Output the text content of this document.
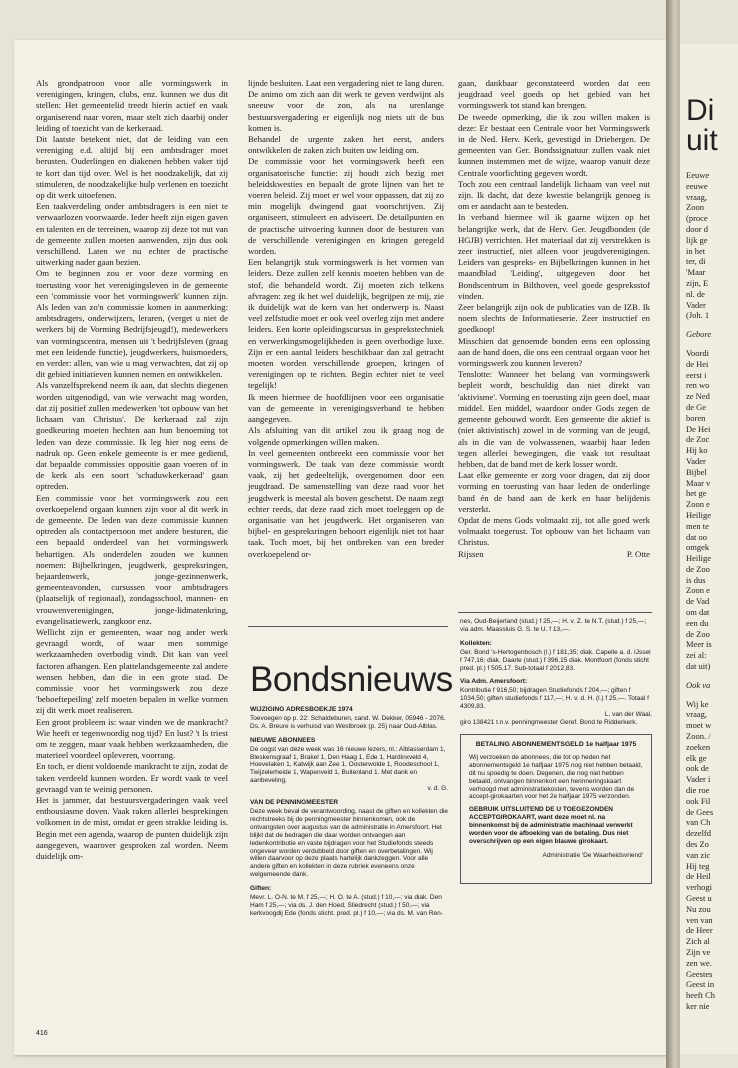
Als grondpatroon voor alle vormingswerk in verenigingen, kringen, clubs, enz. kunnen we dus dit stellen: Het gemeentelid treedt hierin actief en vaak organiserend naar voren, maar stelt zich daarbij onder leiding of toezicht van de kerkeraad.

Dit laatste betekent niet, dat de leiding van een vereniging e.d. altijd bij een ambtsdrager moet berusten. Ouderlingen en diakenen hebben vaker tijd te kort dan tijd over. Wel is het noodzakelijk, dat zij stimuleren, de noodzakelijke hulp verlenen en toezicht op dit werk uitoefenen.

Een taakverdeling onder ambtsdragers is een niet te verwaarlozen voorwaarde. Ieder heeft zijn eigen gaven en talenten en de terreinen, waarop zij deze tot nut van de gemeente zullen moeten aanwenden, zijn dus ook verschillend. Laten we nu echter de practische uitwerking nader gaan bezien.

Om te beginnen zou er voor deze vorming en toerusting voor het verenigingsleven in de gemeente een 'commissie voor het vormingswerk' kunnen zijn. Als leden van zo'n commissie komen in aanmerking: ambtsdragers, onderwijzers, leraren, (verget u niet de werkers bij de Vorming Bedrijfsjeugd!), medewerkers van vormingscentra, mensen uit 't bedrijfsleven (graag met een leidende functie), jeugdwerkers, huismoeders, en verder: allen, van wie u mag verwachten, dat zij op dit gebied initiatieven kunnen nemen en ontwikkelen.

Als vanzelfsprekend neem ik aan, dat slechts diegenen worden uitgenodigd, van wie verwacht mag worden, dat zij positief zullen medewerken 'tot opbouw van het lichaam van Christus'. De kerkeraad zal zijn goedkeuring moeten hechten aan hun benoeming tot leden van deze commissie. Ik leg hier nog eens de nadruk op. Geen enkele gemeente is er mee gediend, dat bepaalde commissies oppositie gaan voeren of in de kerk als een soort 'schaduwkerkeraad' gaan optreden.

Een commissie voor het vormingswerk zou een overkoepelend orgaan kunnen zijn voor al dit werk in de gemeente. De leden van deze commissie kunnen optreden als contactpersoon met andere besturen, die een bepaald onderdeel van het vormingswerk behartigen. Als onderdelen zouden we kunnen noemen: Bijbelkringen, jeugdwerk, gespreksringen, bejaardenwerk, jonge-gezinnenwerk, gemeenteavonden, cursussen voor ambtsdragers (plaatselijk of regionaal), zondagsschool, mannen- en vrouwenverenigingen, jonge-lidmatenkring, evangelisatiewerk, zangkoor enz.

Wellicht zijn er gemeenten, waar nog ander werk gevraagd wordt, of waar men sommige werkzaamheden overbodig vindt. Dit kan van veel factoren afhangen. Een plattelandsgemeente zal andere wensen hebben, dan die in een grote stad. De commissie voor het vormingswerk zou deze 'behoeftepeiling' zelf moeten bepalen in welke vormen zij dit werk moet realiseren.

Een groot probleem is: waar vinden we de mankracht? Wie heeft er tegenwoordig nog tijd? En lust? 't Is triest om te zeggen, maar vaak hebben werkzaamheden, die materieel voordeel opleveren, voorrang.

En toch, er dient voldoende mankracht te zijn, zodat de taken verdeeld kunnen worden. Er wordt vaak te veel gevraagd van te weinig personen.

Het is jammer, dat bestuursvergaderingen vaak veel enthousiasme doven. Vaak raken allerlei besprekingen volkomen in de mist, omdat er geen strakke leiding is. Begin met een agenda, waarop de punten duidelijk zijn aangegeven, waarover gesproken zal worden. Neem duidelijk om-

lijnde besluiten. Laat een vergadering niet te lang duren. De animo om zich aan dit werk te geven verdwijnt als sneeuw voor de zon, als na urenlange bestuursvergadering er eigenlijk nog niets uit de bus komen is.

Behandel de urgente zaken het eerst, anders ontwikkelen de zaken zich buiten uw leiding om.

De commissie voor het vormingswerk heeft een organisatorische functie: zij houdt zich bezig met beleidskwesties en bepaalt de grote lijnen van het te voeren beleid. Zij moet er wel voor oppassen, dat zij zo min mogelijk dwingend gaat voorschrijven. Zij organiseert, stimuleert en adviseert. De detailpunten en de practische uitvoering kunnen door de besturen van de verschillende verenigingen en kringen geregeld worden.

Een belangrijk stuk vormingswerk is het vormen van leiders. Deze zullen zelf kennis moeten hebben van de stof, die behandeld wordt. Zij moeten zich telkens afvragen: zeg ik het wel duidelijk, begrijpen ze mij, zie ik duidelijk wat de kern van het onderwerp is. Naast veel zelfstudie moet er ook veel overleg zijn met andere leiders. Een korte opleidingscursus in gesprekstechniek en verwerkingsmogelijkheden is geen overbodige luxe. Zijn er een aantal leiders beschikbaar dan zal getracht moeten worden verschillende groepen, kringen of verenigingen op te richten. Begin echter niet te veel tegelijk!

Ik meen hiermee de hoofdlijnen voor een organisatie van de gemeente in verenigingsverband te hebben aangegeven.

Als afsluiting van dit artikel zou ik graag nog de volgende opmerkingen willen maken.

In veel gemeenten ontbreekt een commissie voor het vormingswerk. De taak van deze commissie wordt vaak, zij het gedeeltelijk, overgenomen door een jeugdraad. De samenstelling van deze raad voor het jeugdwerk is meestal als boven geschetst. De naam zegt echter reeds, dat deze raad zich moet toeleggen op de organisatie van het jeugdwerk. Het organiseren van bijbel- en gespreksringen behoort eigenlijk niet tot haar taak. Toch moet, bij het ontbreken van een breder overkoepelend or-

gaan, dankbaar geconstateerd worden dat een jeugdraad veel goeds op het gebied van het vormingswerk tot stand kan brengen.

De tweede opmerking, die ik zou willen maken is deze: Er bestaat een Centrale voor het Vormingswerk in de Ned. Herv. Kerk, gevestigd in Driebergen. De gemeenten van Ger. Bondssignatuur zullen vaak niet kunnen instemmen met de wijze, waarop vanuit deze Centrale voorlichting gegeven wordt.

Toch zou een centraal landelijk lichaam van veel nut zijn. Ik dacht, dat deze kwestie belangrijk genoeg is om er aandacht aan te besteden.

In verband hiermee wil ik gaarne wijzen op het belangrijke werk, dat de Herv. Ger. Jeugdbonden (de HGJB) verrichten. Het materiaal dat zij verstrekken is zeer instructief, niet alleen voor jeugdverenigingen. Leiders van gespreks- en Bijbelkringen kunnen in het maandblad 'Leiding', uitgegeven door het Bondscentrum in Bilthoven, veel goede gespreksstof vinden.

Zeer belangrijk zijn ook de publicaties van de IZB. Ik noem slechts de Informatieserie. Zeer instructief en goedkoop!

Misschien dat genoemde bonden eens een oplossing aan de hand doen, die ons een centraal orgaan voor het vormingswerk zou kunnen leveren?

Tenslotte: Wanneer het belang van vormingswerk bepleit wordt, beschuldig dan niet direkt van 'aktivisme'. Vorming en toerusting zijn geen doel, maar middel. Een middel, waardoor onder Gods zegen de gemeente gebouwd wordt. Een gemeente die aktief is (niet aktivistisch) zowel in de vorming van de jeugd, als in die van de volwassenen, waarbij haar leden tegen allerlei bewegingen, die vaak tot resultaat hebben, dat de band met de kerk losser wordt.

Laat elke gemeente er zorg voor dragen, dat zij door vorming en toerusting van haar leden de onderlinge band én de band aan de kerk en haar belijdenis versterkt.

Opdat de mens Gods volmaakt zij, tot alle goed werk volmaakt toegerust. Tot opbouw van het lichaam van Christus.

Rijssen	P. Otte
Bondsnieuws
WIJZIGING ADRESBOEKJE 1974

Toevoegen op p. 22: Schaldeburen, cand. W. Dekker, 05946 - 2076.

Ds. A. Breure is verhuisd van Westbroek (p. 25) naar Oud-Alblas.

NIEUWE ABONNEES

De oogst van deze week was 16 nieuwe lezers, nl.: Alblasserdam 1, Bleskensgraaf 1, Brakel 1, Den Haag 1, Ede 1, Hardinxveld 4, Hoevelaken 1, Katwijk aan Zee 1, Oosterwolde 1, Roodeschool 1, Twijzelerheide 1, Wapenveld 1, Buitenland 1. Met dank en aanbeveling,

v. d. G.

VAN DE PENNINGMEESTER

Deze week beval de verantwoording, naast de giften en kollekten die rechtstreeks bij de penningmeester binnenkomen, ook de ontvangsten over augustus van de administratie in Amersfoort. Het blijkt dat de bedragen die daar worden ontvangen aan ledenkontributie en vaste bijdragen voor het Studiefonds steeds ongeveer worden verdubbeld door giften en overbetalingen. Wij willen daarvoor op deze plaats hartelijk dankzeggen. Voor alle andere giften en kollekten in deze rubriek eveneens onze welgemeende dank.

Giften:

Mevr. L. O-N. te M. f 25,—; H. O. te A. (stud.) f 10,—; via diak. Den Ham f 25,—; via ds. J. den Hoed, Sliedrecht (stud.) f 50,—; via kerkvoogdij Ede (fonds sticht. pred. pl.) f 10,—; via ds. M. van Ren-

nes, Oud-Beijerland (stud.) f 25,—; H. v. Z. te N.T. (stud.) f 25,—; via adm. Maassluis G. S. te U. f 13,—.

Kollekten:

Ger. Bond 's-Hertogenbosch (l.) f 181,35; diak. Capelle a. d. IJssel f 747,16; diak. Daarle (stud.) f 396,15 diak. Montfoort (fonds sticht pred. pl.) f 505,17. Sub-totaal f 2012,83.

Via Adm. Amersfoort:

Kontributie f 916,50; bijdragen Studiefonds f 204,—; giften f 1034,50; giften studiefonds f 117,—; H. v. d. H. (l.) f 25,—. Totaal f 4309,83.

L. van der Waal,

giro 138421 t.n.v. penningmeester Geref. Bond te Ridderkerk.

BETALING ABONNEMENTSGELD 1e halfjaar 1975

Wij verzoeken de abonnees, die tot op heden het abonnementsgeld 1e halfjaar 1975 nog niet hebben betaald, dit nu spoedig te doen. Degenen, die nog niet hebben betaald, ontvangen binnenkort een herinneringskaart verhoogd met administratiekosten, tevens worden dan de accept-girokaarten voor het 2e halfjaar 1975 verzonden.

GEBRUIK UITSLUITEND DE U TOEGEZONDEN ACCEPTGIROKAART, want deze moet nl. na binnenkomst bij de administratie machinaal verwerkt worden voor de afboeking van de betaling. Dus niet overschrijven op een eigen blauwe girokaart.

Administratie 'De Waarheidsvriend'
416
Di
uit
Eeuwe
eeuwe
vraag,
Zoon
(proce
door d
lijk ge
in het
ter, di
'Maar
zijn, E
nl. de
Vader
(Joh. 1
Gebore
Voordi
de Hei
eerst i
ren wo
ze Ned
de Ge
boren
De Hei
de Zoc
Hij ko
Vader
Bijbel
Maar v
het ge
Zoon e
Heilige
men te
dat oo
omgek
Heilige
de Zoo
is dus
Zoon e
de Vad
om dat
een du
de Zoo
Meer is
zei al:
dat uit)
Ook va
Wij ke
vraag,
moet w
Zoon. /
zoeken
elk ge
ook de
Vader i
die roe
ook Fil
de Gees
van Ch
dezelfd
des Zo
van zic
Hij teg
de Heil
verhogi
Geest u
Nu zou
ven van
de Heer
Zich al
Zijn ve
zen we.
Geestes
Geest in
heeft Ch
ker nie
